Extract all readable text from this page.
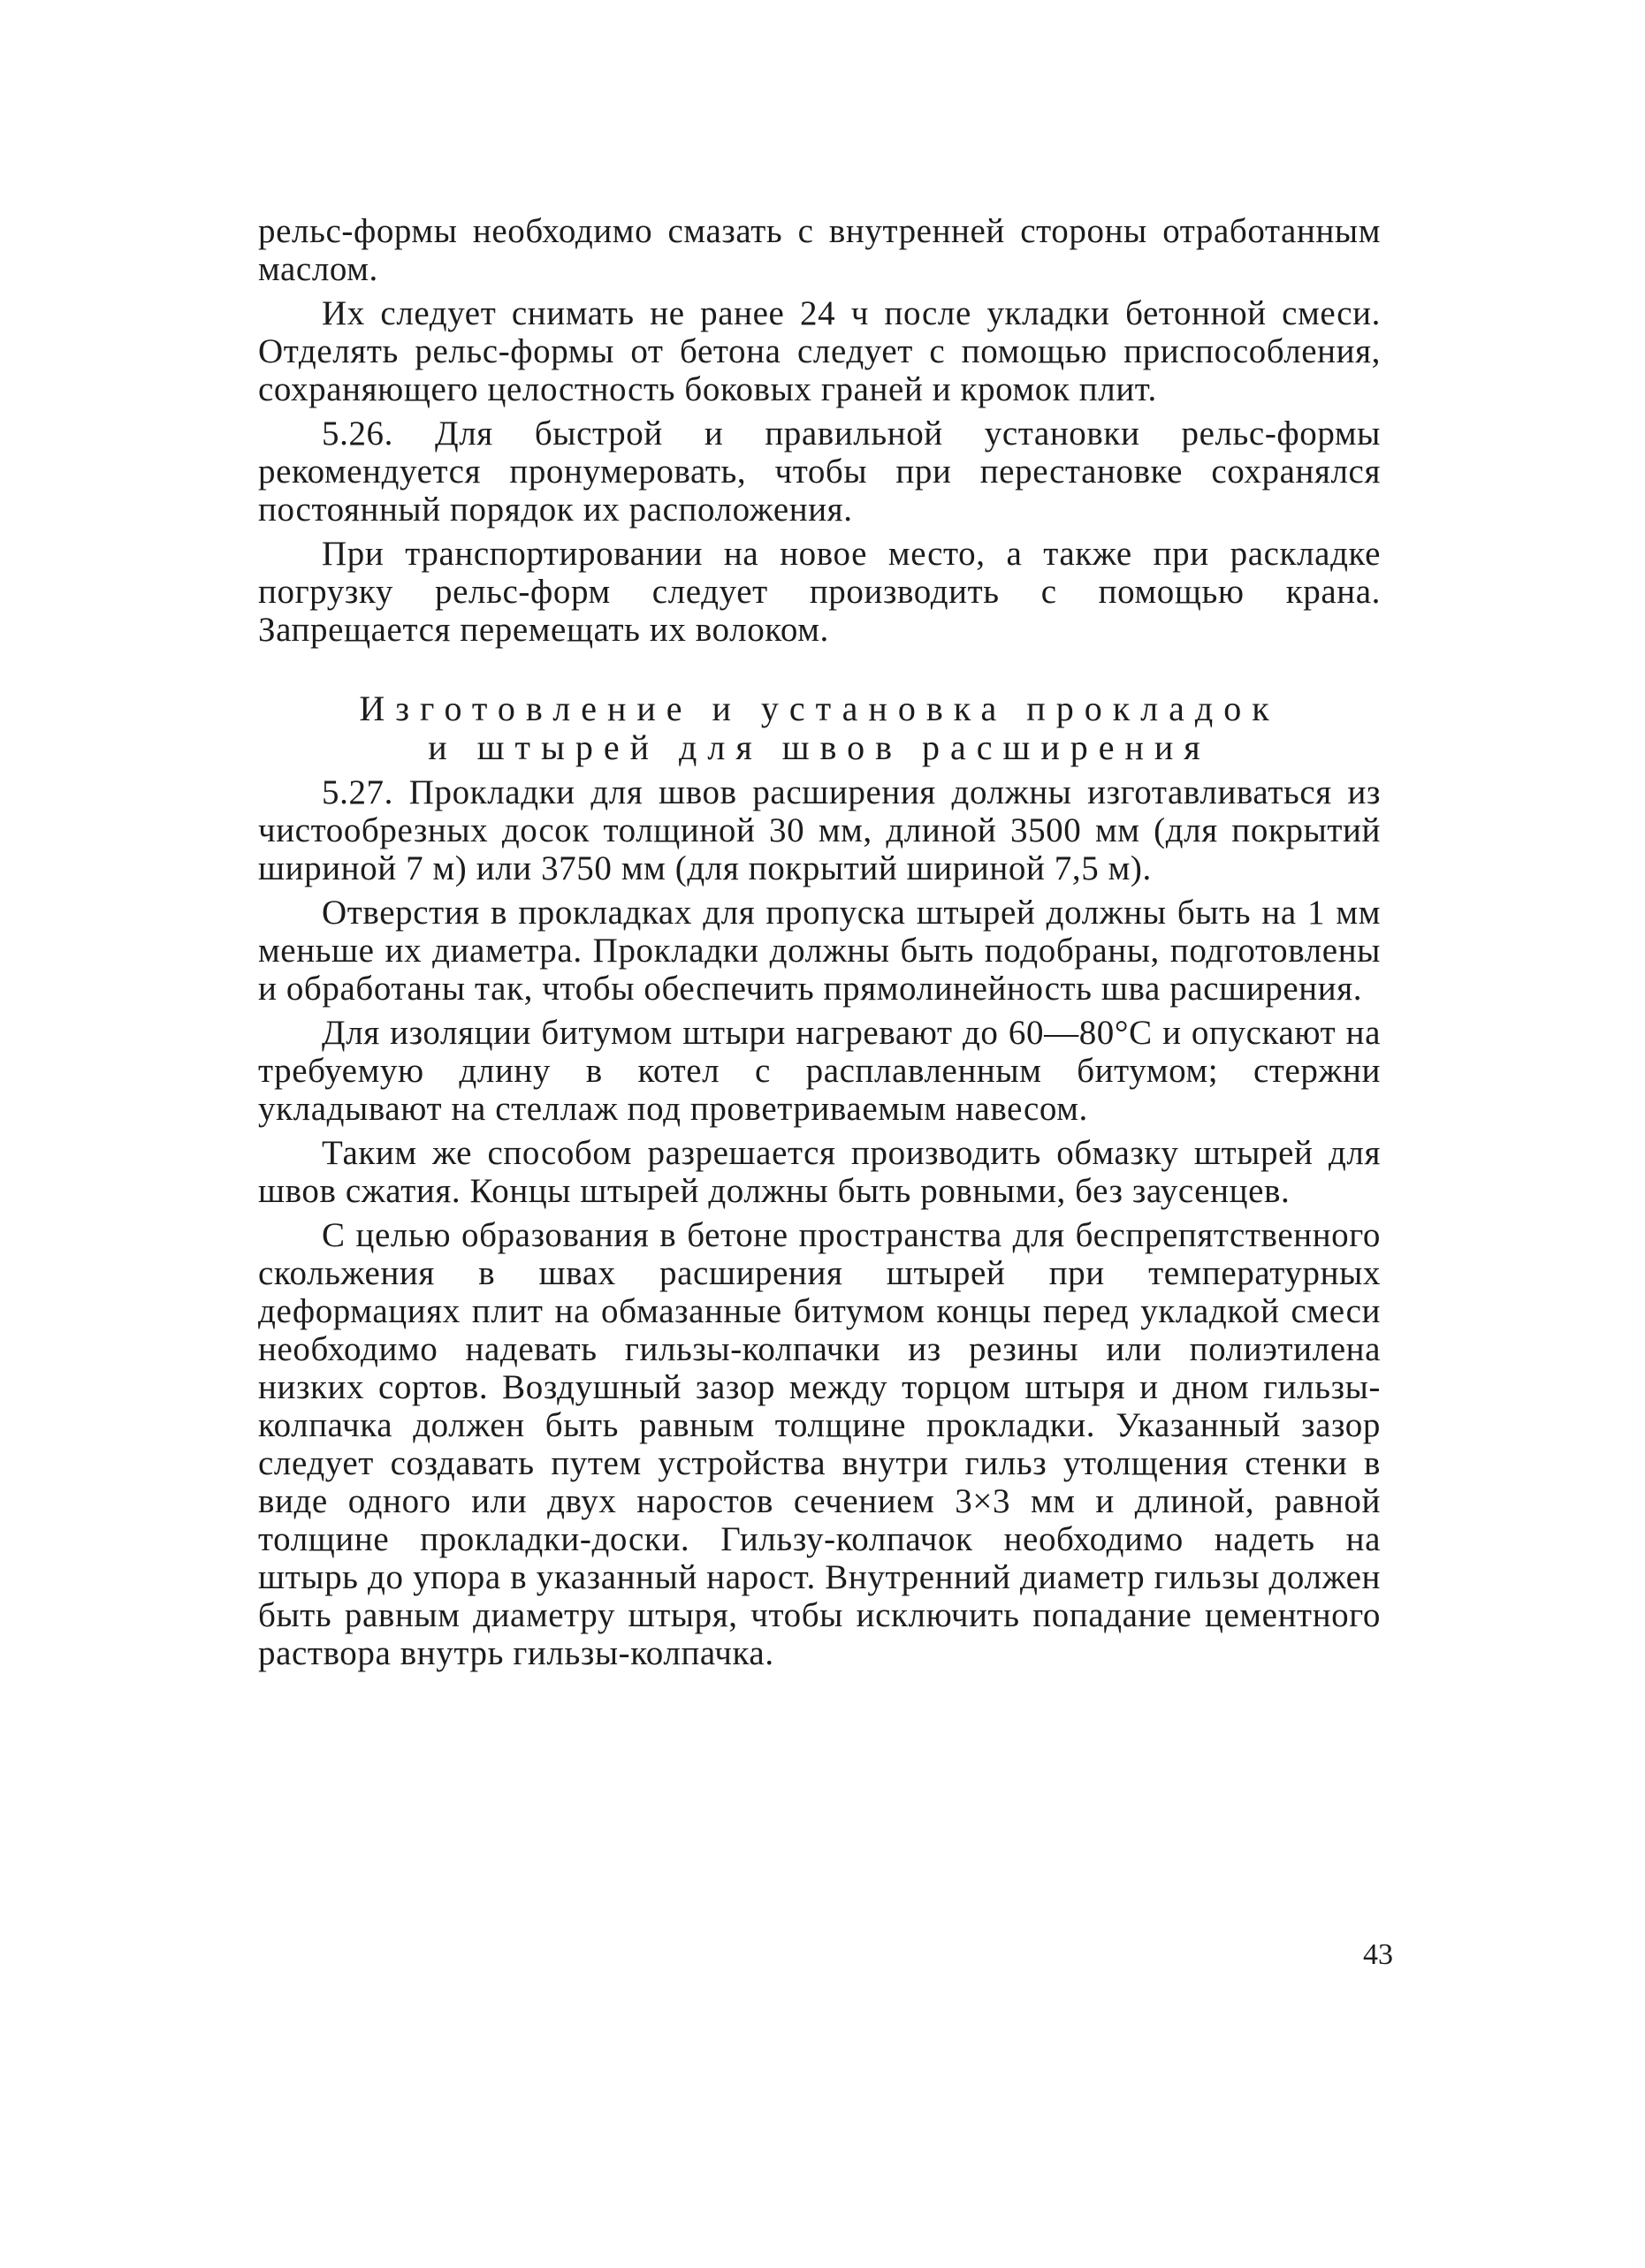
рельс-формы необходимо смазать с внутренней стороны отработанным маслом.

Их следует снимать не ранее 24 ч после укладки бетонной смеси. Отделять рельс-формы от бетона следует с помощью приспособления, сохраняющего целостность боковых граней и кромок плит.

5.26. Для быстрой и правильной установки рельс-формы рекомендуется пронумеровать, чтобы при перестановке сохранялся постоянный порядок их расположения.

При транспортировании на новое место, а также при раскладке погрузку рельс-форм следует производить с помощью крана. Запрещается перемещать их волоком.

Изготовление и установка прокладок
и штырей для швов расширения

5.27. Прокладки для швов расширения должны изготавливаться из чистообрезных досок толщиной 30 мм, длиной 3500 мм (для покрытий шириной 7 м) или 3750 мм (для покрытий шириной 7,5 м).

Отверстия в прокладках для пропуска штырей должны быть на 1 мм меньше их диаметра. Прокладки должны быть подобраны, подготовлены и обработаны так, чтобы обеспечить прямолинейность шва расширения.

Для изоляции битумом штыри нагревают до 60—80°С и опускают на требуемую длину в котел с расплавленным битумом; стержни укладывают на стеллаж под проветриваемым навесом.

Таким же способом разрешается производить обмазку штырей для швов сжатия. Концы штырей должны быть ровными, без заусенцев.

С целью образования в бетоне пространства для беспрепятственного скольжения в швах расширения штырей при температурных деформациях плит на обмазанные битумом концы перед укладкой смеси необходимо надевать гильзы-колпачки из резины или полиэтилена низких сортов. Воздушный зазор между торцом штыря и дном гильзы-колпачка должен быть равным толщине прокладки. Указанный зазор следует создавать путем устройства внутри гильз утолщения стенки в виде одного или двух наростов сечением 3×3 мм и длиной, равной толщине прокладки-доски. Гильзу-колпачок необходимо надеть на штырь до упора в указанный нарост. Внутренний диаметр гильзы должен быть равным диаметру штыря, чтобы исключить попадание цементного раствора внутрь гильзы-колпачка.

43
